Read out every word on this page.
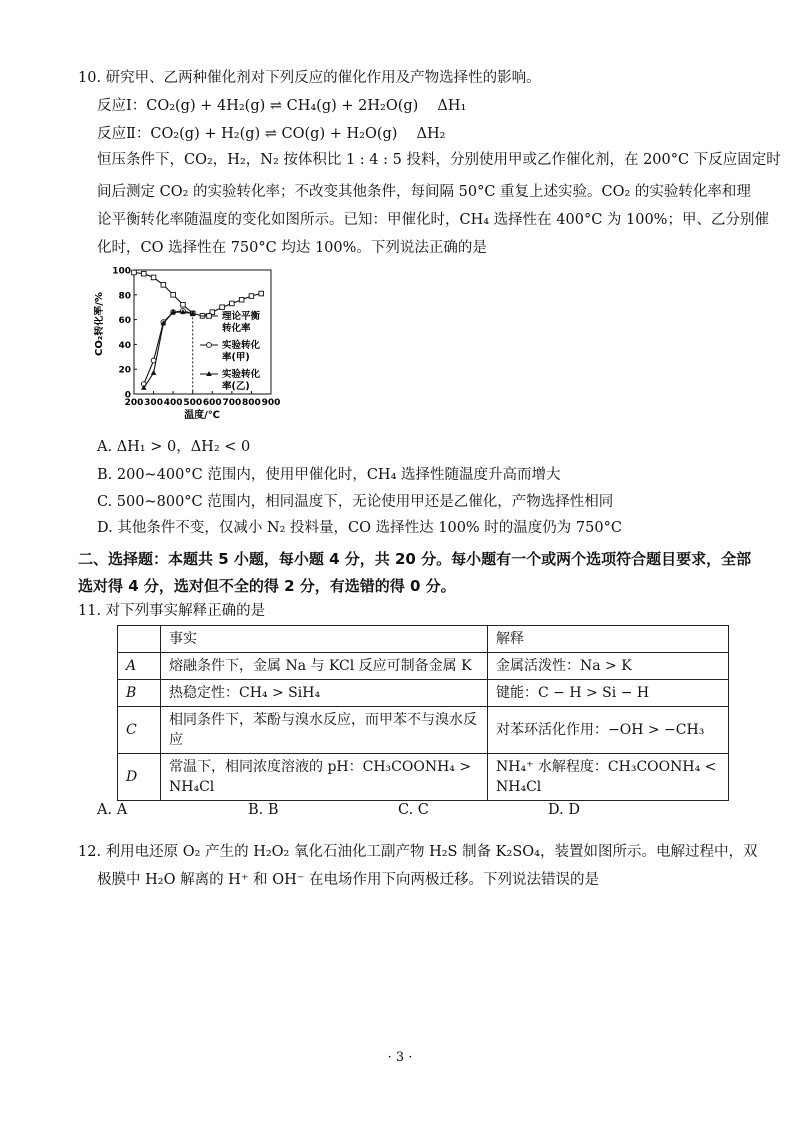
10. 研究甲、乙两种催化剂对下列反应的催化作用及产物选择性的影响。
反应Ⅰ：CO₂(g) + 4H₂(g) ⇌ CH₄(g) + 2H₂O(g)　 ΔH₁
反应Ⅱ：CO₂(g) + H₂(g) ⇌ CO(g) + H₂O(g)　 ΔH₂
恒压条件下，CO₂，H₂，N₂ 按体积比 1 : 4 : 5 投料，分别使用甲或乙作催化剂，在 200°C 下反应固定时
间后测定 CO₂ 的实验转化率；不改变其他条件，每间隔 50°C 重复上述实验。CO₂ 的实验转化率和理
论平衡转化率随温度的变化如图所示。已知：甲催化时，CH₄ 选择性在 400°C 为 100%；甲、乙分别催
化时，CO 选择性在 750°C 均达 100%。下列说法正确的是
0
20
40
60
80
100
200 300 400 500 600 700 800 900
理论平衡
转化率
实验转化
率(甲)
实验转化
率(乙)
CO₂转化率/%
温度/℃
A. ΔH₁ > 0，ΔH₂ < 0
B. 200~400°C 范围内，使用甲催化时，CH₄ 选择性随温度升高而增大
C. 500~800°C 范围内，相同温度下，无论使用甲还是乙催化，产物选择性相同
D. 其他条件不变，仅减小 N₂ 投料量，CO 选择性达 100% 时的温度仍为 750°C
二、选择题：本题共 5 小题，每小题 4 分，共 20 分。每小题有一个或两个选项符合题目要求，全部
选对得 4 分，选对但不全的得 2 分，有选错的得 0 分。
11. 对下列事实解释正确的是
	事实	解释
A	熔融条件下，金属 Na 与 KCl 反应可制备金属 K	金属活泼性：Na > K
B	热稳定性：CH₄ > SiH₄	键能：C − H > Si − H
C	相同条件下，苯酚与溴水反应，而甲苯不与溴水反应	对苯环活化作用：−OH > −CH₃
D	常温下，相同浓度溶液的 pH：CH₃COONH₄ > NH₄Cl	NH₄⁺ 水解程度：CH₃COONH₄ < NH₄Cl
A. A	B. B	C. C	D. D
12. 利用电还原 O₂ 产生的 H₂O₂ 氧化石油化工副产物 H₂S 制备 K₂SO₄，装置如图所示。电解过程中，双
极膜中 H₂O 解离的 H⁺ 和 OH⁻ 在电场作用下向两极迁移。下列说法错误的是
· 3 ·
